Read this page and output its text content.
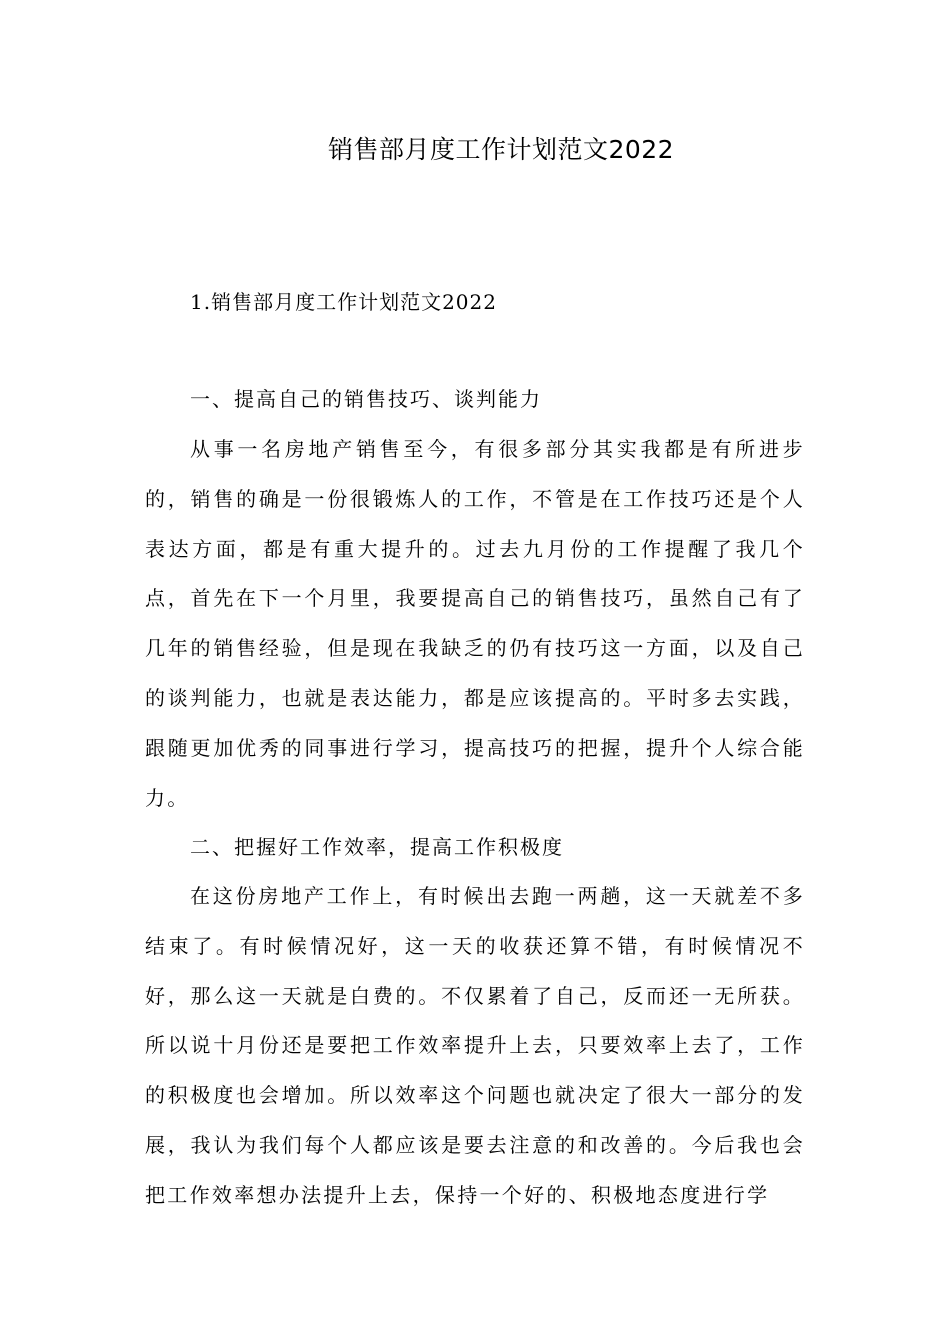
销售部月度工作计划范文2022
1.销售部月度工作计划范文2022
一、提高自己的销售技巧、谈判能力
从事一名房地产销售至今，有很多部分其实我都是有所进步的，销售的确是一份很锻炼人的工作，不管是在工作技巧还是个人表达方面，都是有重大提升的。过去九月份的工作提醒了我几个点，首先在下一个月里，我要提高自己的销售技巧，虽然自己有了几年的销售经验，但是现在我缺乏的仍有技巧这一方面，以及自己的谈判能力，也就是表达能力，都是应该提高的。平时多去实践，跟随更加优秀的同事进行学习，提高技巧的把握，提升个人综合能力。
二、把握好工作效率，提高工作积极度
在这份房地产工作上，有时候出去跑一两趟，这一天就差不多结束了。有时候情况好，这一天的收获还算不错，有时候情况不好，那么这一天就是白费的。不仅累着了自己，反而还一无所获。所以说十月份还是要把工作效率提升上去，只要效率上去了，工作的积极度也会增加。所以效率这个问题也就决定了很大一部分的发展，我认为我们每个人都应该是要去注意的和改善的。今后我也会把工作效率想办法提升上去，保持一个好的、积极地态度进行学
